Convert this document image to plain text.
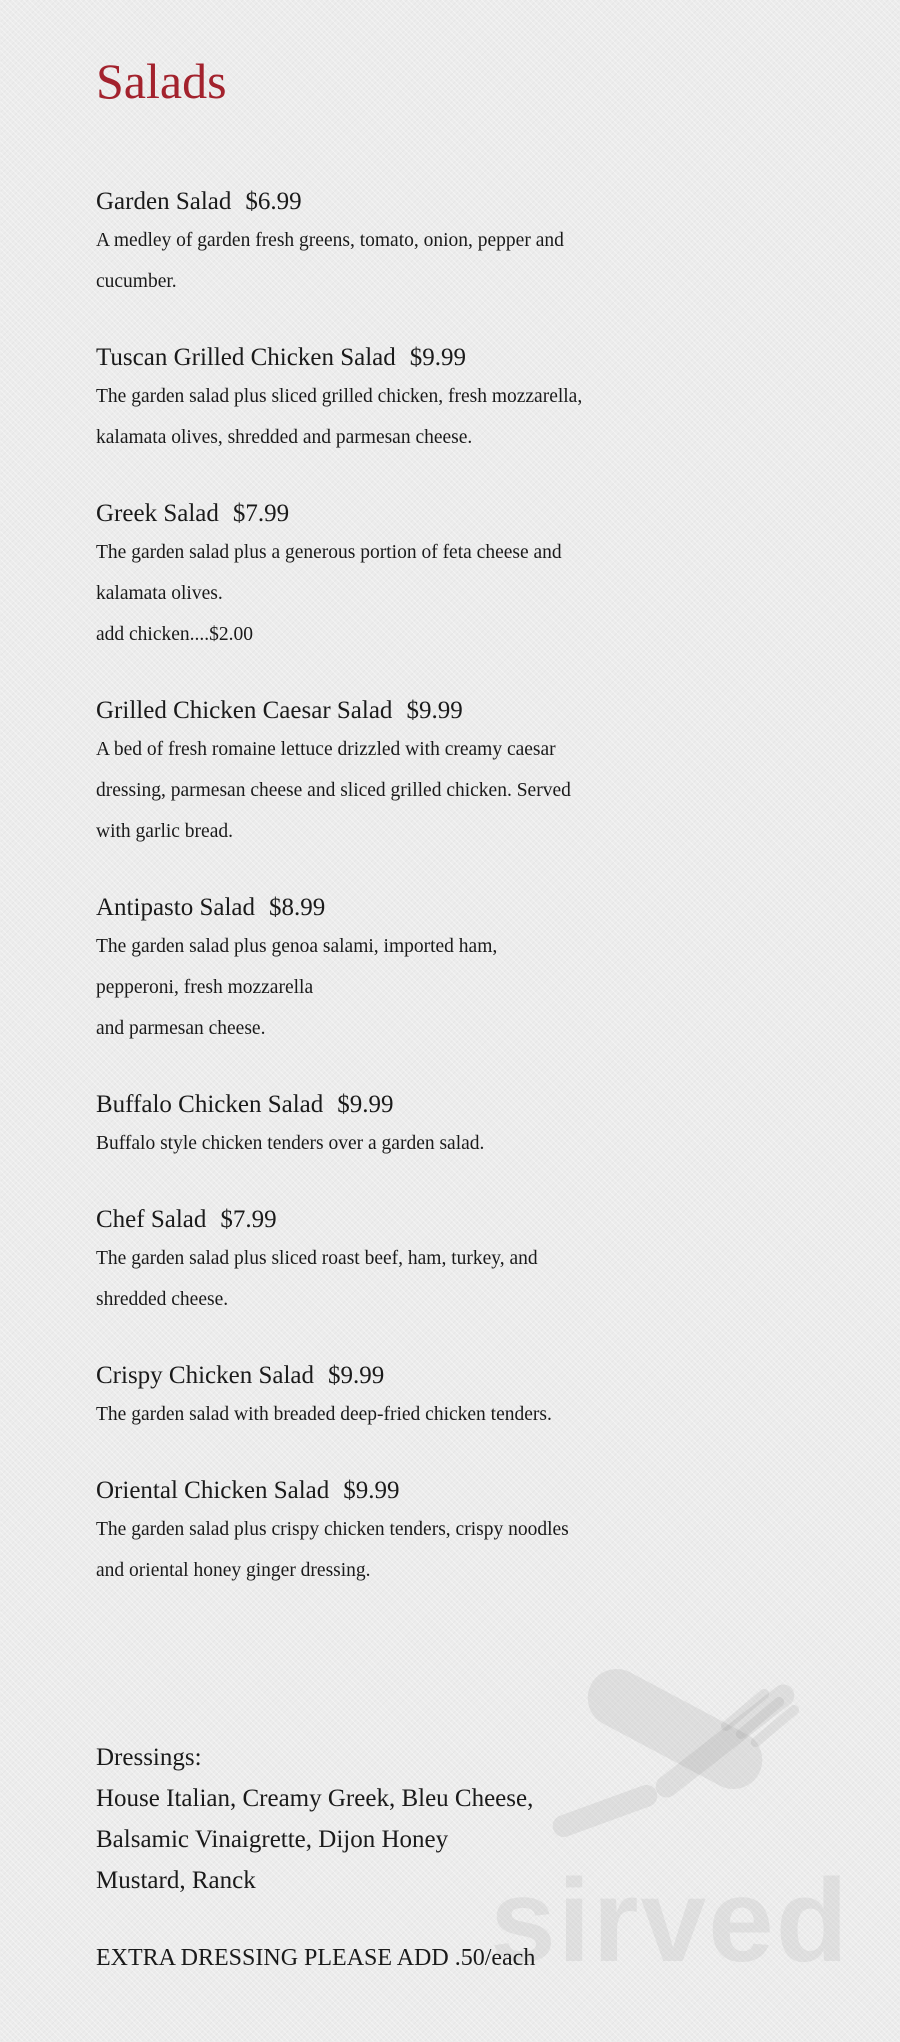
sirved
Salads
Garden Salad $6.99
A medley of garden fresh greens, tomato, onion, pepper and
cucumber.
Tuscan Grilled Chicken Salad $9.99
The garden salad plus sliced grilled chicken, fresh mozzarella,
kalamata olives, shredded and parmesan cheese.
Greek Salad $7.99
The garden salad plus a generous portion of feta cheese and
kalamata olives.
add chicken....$2.00
Grilled Chicken Caesar Salad $9.99
A bed of fresh romaine lettuce drizzled with creamy caesar
dressing, parmesan cheese and sliced grilled chicken. Served
with garlic bread.
Antipasto Salad $8.99
The garden salad plus genoa salami, imported ham,
pepperoni, fresh mozzarella
and parmesan cheese.
Buffalo Chicken Salad $9.99
Buffalo style chicken tenders over a garden salad.
Chef Salad $7.99
The garden salad plus sliced roast beef, ham, turkey, and
shredded cheese.
Crispy Chicken Salad $9.99
The garden salad with breaded deep-fried chicken tenders.
Oriental Chicken Salad $9.99
The garden salad plus crispy chicken tenders, crispy noodles
and oriental honey ginger dressing.
Dressings:
House Italian, Creamy Greek, Bleu Cheese,
Balsamic Vinaigrette, Dijon Honey
Mustard, Ranck
EXTRA DRESSING PLEASE ADD .50/each
